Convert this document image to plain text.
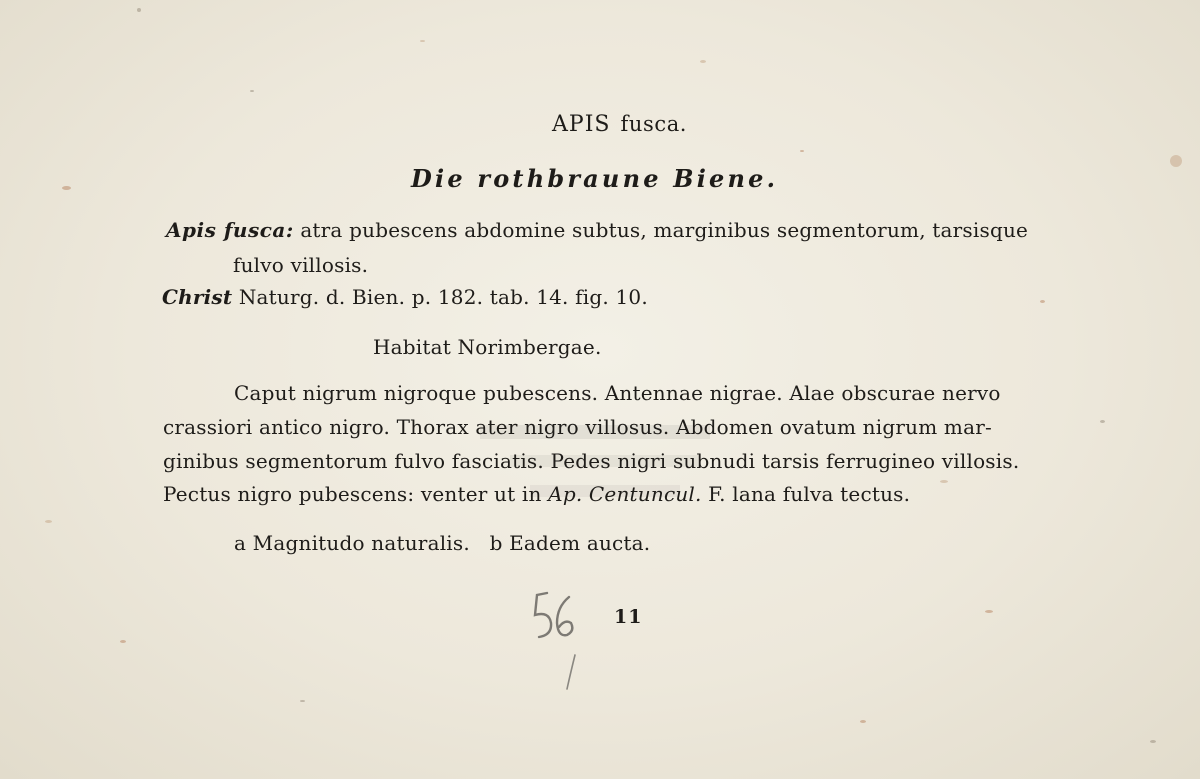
APIS fusca.
Die rothbraune Biene.
Apis fusca: atra pubescens abdomine subtus, marginibus segmentorum, tarsisque
fulvo villosis.
Christ Naturg. d. Bien. p. 182. tab. 14. fig. 10.
Habitat Norimbergae.
Caput nigrum nigroque pubescens. Antennae nigrae. Alae obscurae nervo
crassiori antico nigro. Thorax ater nigro villosus. Abdomen ovatum nigrum mar-
ginibus segmentorum fulvo fasciatis. Pedes nigri subnudi tarsis ferrugineo villosis.
Pectus nigro pubescens: venter ut in Ap. Centuncul. F. lana fulva tectus.
a Magnitudo naturalis.   b Eadem aucta.
11
